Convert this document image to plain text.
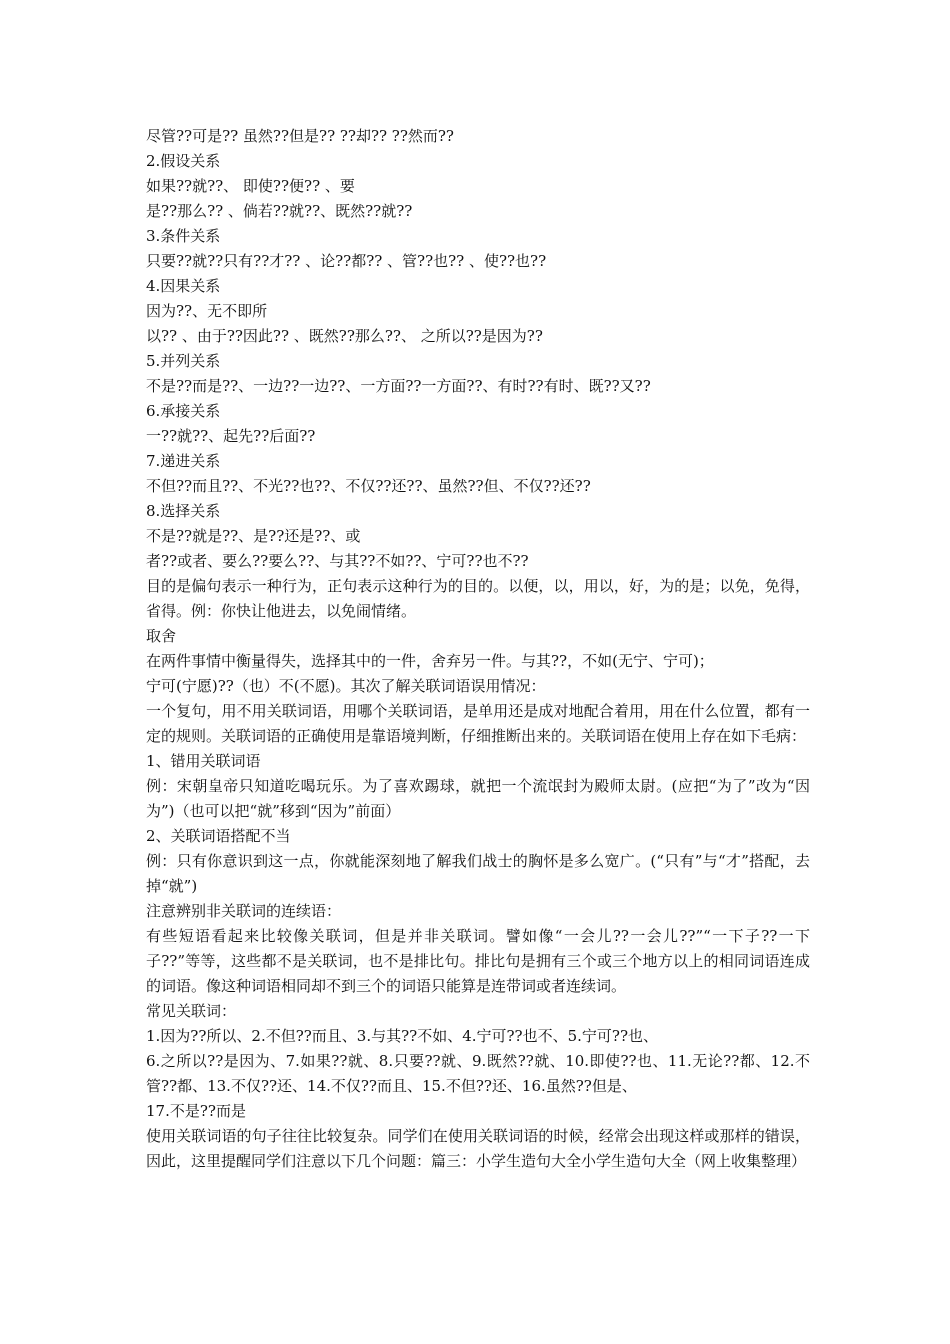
尽管??可是?? 虽然??但是?? ??却?? ??然而??

2.假设关系

如果??就??、 即使??便?? 、要

是??那么?? 、倘若??就??、既然??就??

3.条件关系

只要??就??只有??才?? 、论??都?? 、管??也?? 、使??也??

4.因果关系

因为??、无不即所

以?? 、由于??因此?? 、既然??那么??、 之所以??是因为??

5.并列关系

不是??而是??、一边??一边??、一方面??一方面??、有时??有时、既??又??

6.承接关系

一??就??、起先??后面??

7.递进关系

不但??而且??、不光??也??、不仅??还??、虽然??但、不仅??还??

8.选择关系

不是??就是??、是??还是??、或

者??或者、要么??要么??、与其??不如??、宁可??也不??

目的是偏句表示一种行为，正句表示这种行为的目的。以便，以，用以，好，为的是；以免，免得，省得。例：你快让他进去，以免闹情绪。

取舍

在两件事情中衡量得失，选择其中的一件，舍弃另一件。与其??，不如(无宁、宁可)；

宁可(宁愿)??（也）不(不愿)。其次了解关联词语误用情况：

一个复句，用不用关联词语，用哪个关联词语，是单用还是成对地配合着用，用在什么位置，都有一定的规则。关联词语的正确使用是靠语境判断，仔细推断出来的。关联词语在使用上存在如下毛病：

1、错用关联词语

例：宋朝皇帝只知道吃喝玩乐。为了喜欢踢球，就把一个流氓封为殿师太尉。(应把“为了”改为“因为”)（也可以把“就”移到“因为”前面）

2、关联词语搭配不当

例：只有你意识到这一点，你就能深刻地了解我们战士的胸怀是多么宽广。(“只有”与“才”搭配，去掉“就”)

注意辨别非关联词的连续语：

有些短语看起来比较像关联词，但是并非关联词。譬如像“一会儿??一会儿??”“一下子??一下子??”等等，这些都不是关联词，也不是排比句。排比句是拥有三个或三个地方以上的相同词语连成的词语。像这种词语相同却不到三个的词语只能算是连带词或者连续词。

常见关联词：

1.因为??所以、2.不但??而且、3.与其??不如、4.宁可??也不、5.宁可??也、

6.之所以??是因为、7.如果??就、8.只要??就、9.既然??就、10.即使??也、11.无论??都、12.不管??都、13.不仅??还、14.不仅??而且、15.不但??还、16.虽然??但是、

17.不是??而是

使用关联词语的句子往往比较复杂。同学们在使用关联词语的时候，经常会出现这样或那样的错误，因此，这里提醒同学们注意以下几个问题：篇三：小学生造句大全小学生造句大全（网上收集整理）
